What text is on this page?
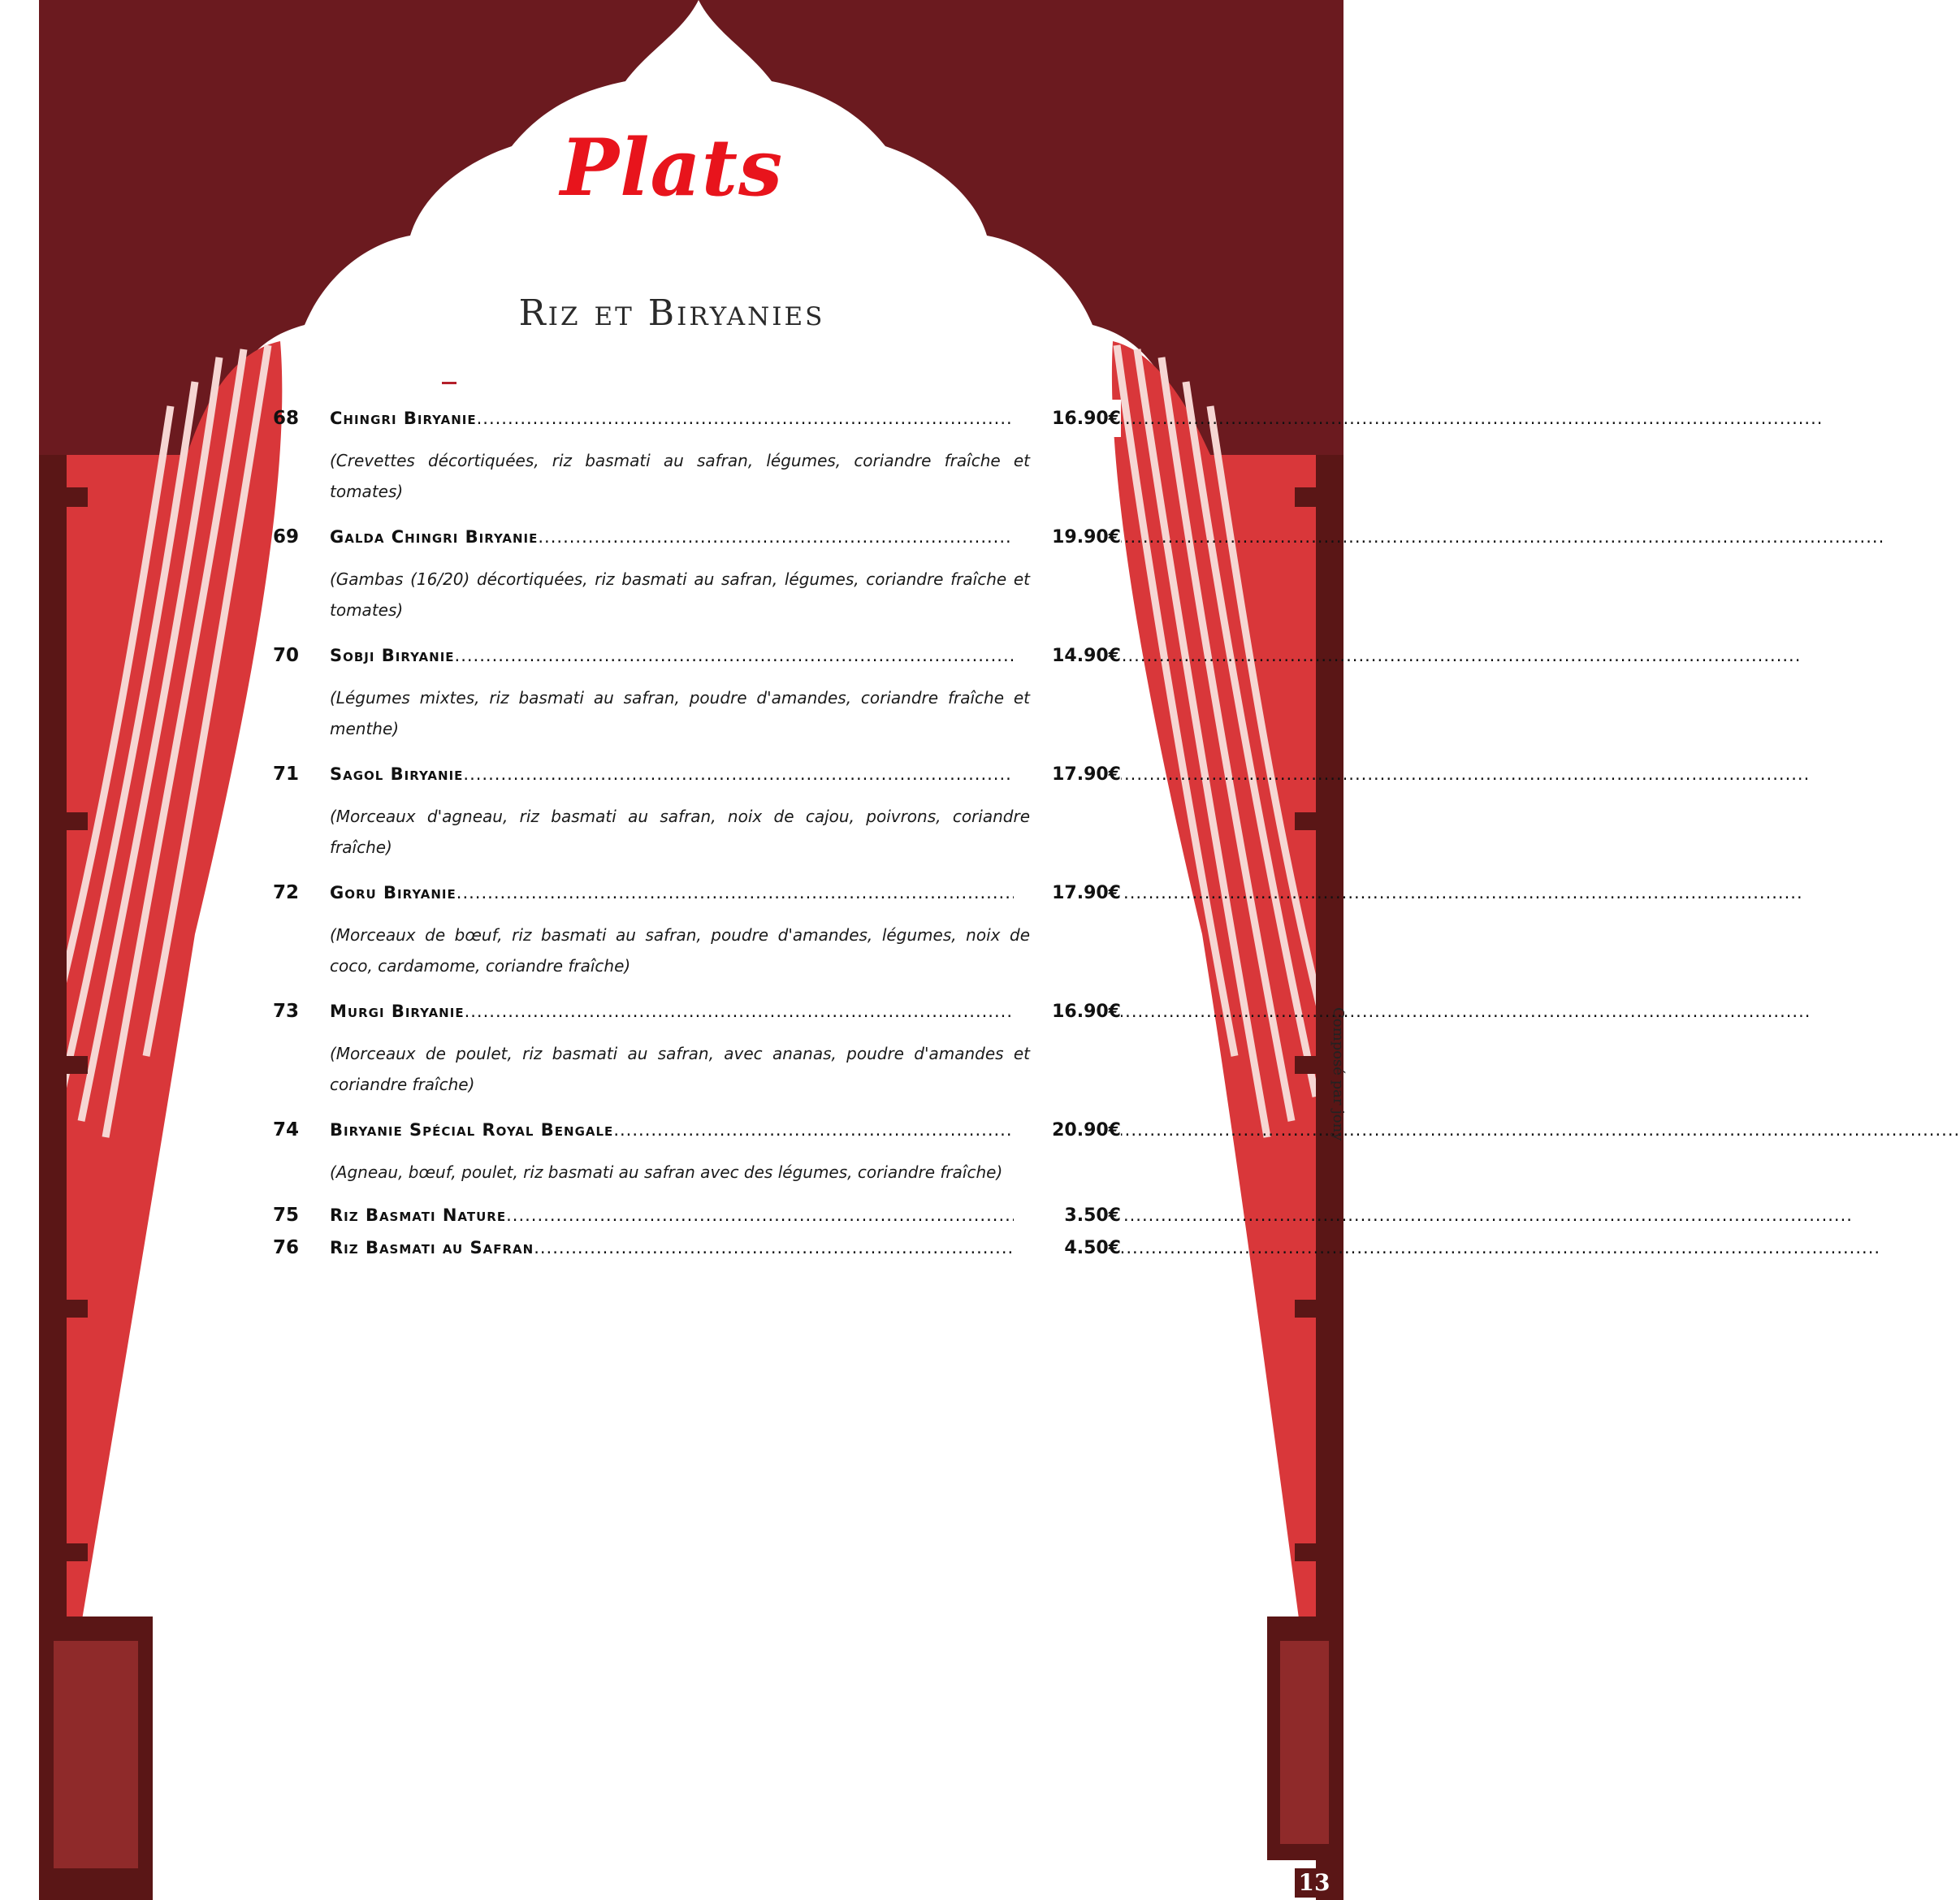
Plats
Riz et Biryanies
68	Chingri Biryanie .....	16.90€
(Crevettes décortiquées, riz basmati au safran, légumes, coriandre fraîche et tomates)
69	Galda Chingri Biryanie .....	19.90€
(Gambas (16/20) décortiquées, riz basmati au safran, légumes, coriandre fraîche et tomates)
70	Sobji Biryanie .....	14.90€
(Légumes mixtes, riz basmati au safran, poudre d'amandes, coriandre fraîche et menthe)
71	Sagol Biryanie .....	17.90€
(Morceaux d'agneau, riz basmati au safran, noix de cajou, poivrons, coriandre fraîche)
72	Goru Biryanie .....	17.90€
(Morceaux de bœuf, riz basmati au safran, poudre d'amandes, légumes, noix de coco, cardamome, coriandre fraîche)
73	Murgi Biryanie .....	16.90€
(Morceaux de poulet, riz basmati au safran, avec ananas, poudre d'amandes et coriandre fraîche)
74	Biryanie Spécial Royal Bengale .....	20.90€
(Agneau, bœuf, poulet, riz basmati au safran avec des légumes, coriandre fraîche)
75	Riz Basmati Nature .....	3.50€
76	Riz Basmati au Safran .....	4.50€
Composé par jony
13
